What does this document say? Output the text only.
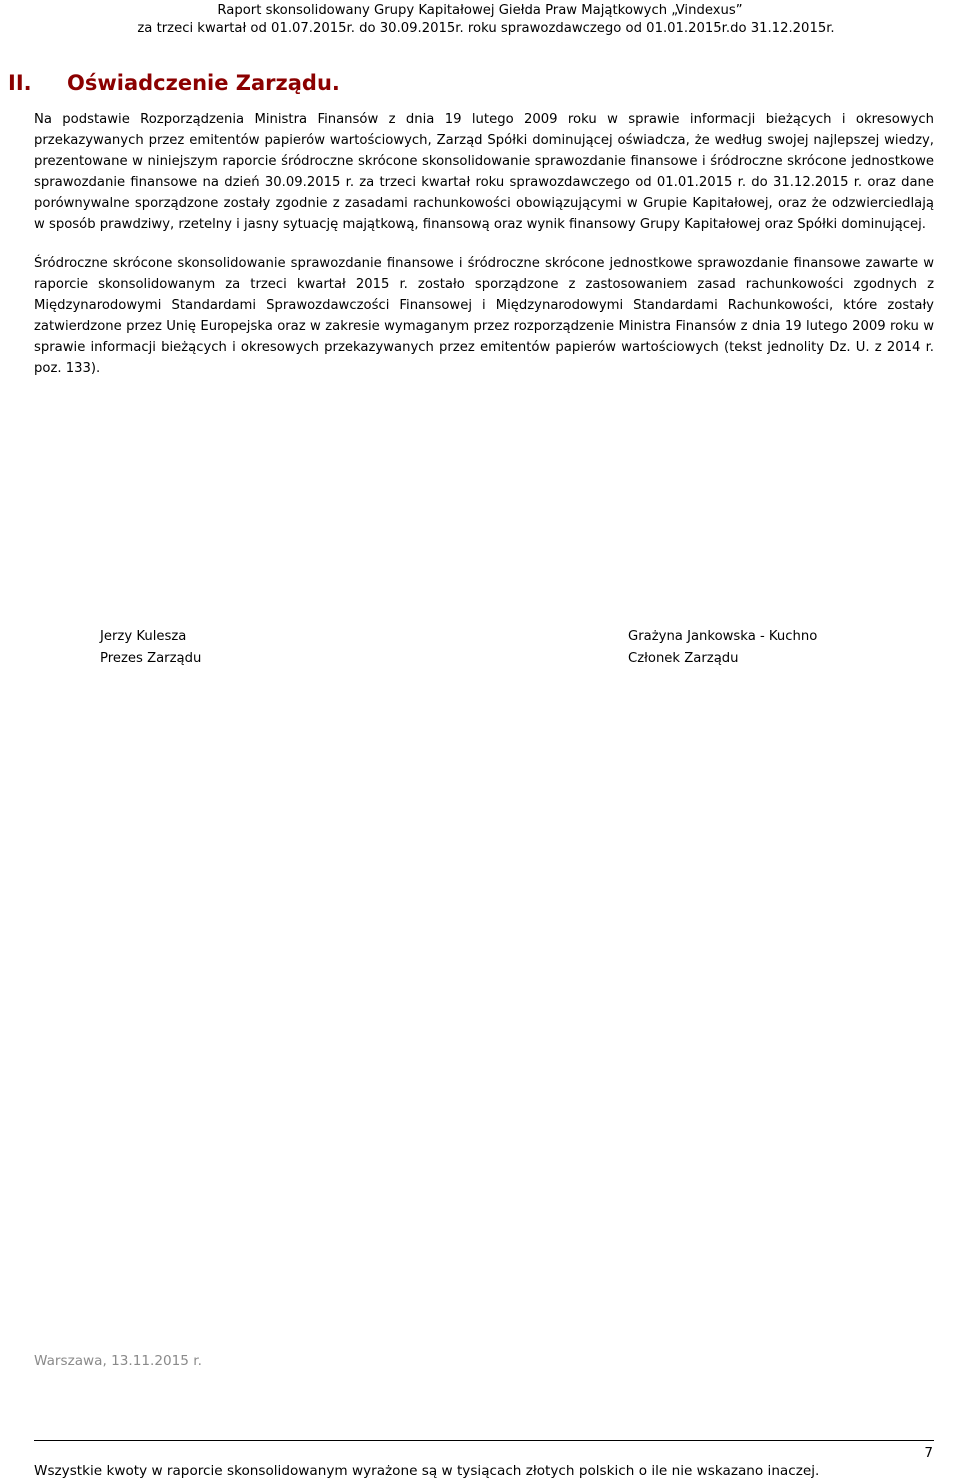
Raport skonsolidowany Grupy Kapitałowej Giełda Praw Majątkowych „Vindexus”
za trzeci kwartał od 01.07.2015r. do 30.09.2015r. roku sprawozdawczego od 01.01.2015r.do 31.12.2015r.
II. Oświadczenie Zarządu.
Na podstawie Rozporządzenia Ministra Finansów z dnia 19 lutego 2009 roku w sprawie informacji bieżących i okresowych przekazywanych przez emitentów papierów wartościowych, Zarząd Spółki dominującej oświadcza, że według swojej najlepszej wiedzy, prezentowane w niniejszym raporcie śródroczne skrócone skonsolidowanie sprawozdanie finansowe i śródroczne skrócone jednostkowe sprawozdanie finansowe na dzień 30.09.2015 r. za trzeci kwartał roku sprawozdawczego od 01.01.2015 r. do 31.12.2015 r. oraz dane porównywalne sporządzone zostały zgodnie z zasadami rachunkowości obowiązującymi w Grupie Kapitałowej, oraz że odzwierciedlają w sposób prawdziwy, rzetelny i jasny sytuację majątkową, finansową oraz wynik finansowy Grupy Kapitałowej oraz Spółki dominującej.
Śródroczne skrócone skonsolidowanie sprawozdanie finansowe i śródroczne skrócone jednostkowe sprawozdanie finansowe zawarte w raporcie skonsolidowanym za trzeci kwartał 2015 r. zostało sporządzone z zastosowaniem zasad rachunkowości zgodnych z Międzynarodowymi Standardami Sprawozdawczości Finansowej i Międzynarodowymi Standardami Rachunkowości, które zostały zatwierdzone przez Unię Europejska oraz w zakresie wymaganym przez rozporządzenie Ministra Finansów z dnia 19 lutego 2009 roku w sprawie informacji bieżących i okresowych przekazywanych przez emitentów papierów wartościowych (tekst jednolity Dz. U. z 2014 r. poz. 133).
Jerzy Kulesza
Prezes Zarządu
Grażyna Jankowska - Kuchno
Członek Zarządu
Warszawa, 13.11.2015 r.
7
Wszystkie kwoty w raporcie skonsolidowanym wyrażone są w tysiącach złotych polskich o ile nie wskazano inaczej.
